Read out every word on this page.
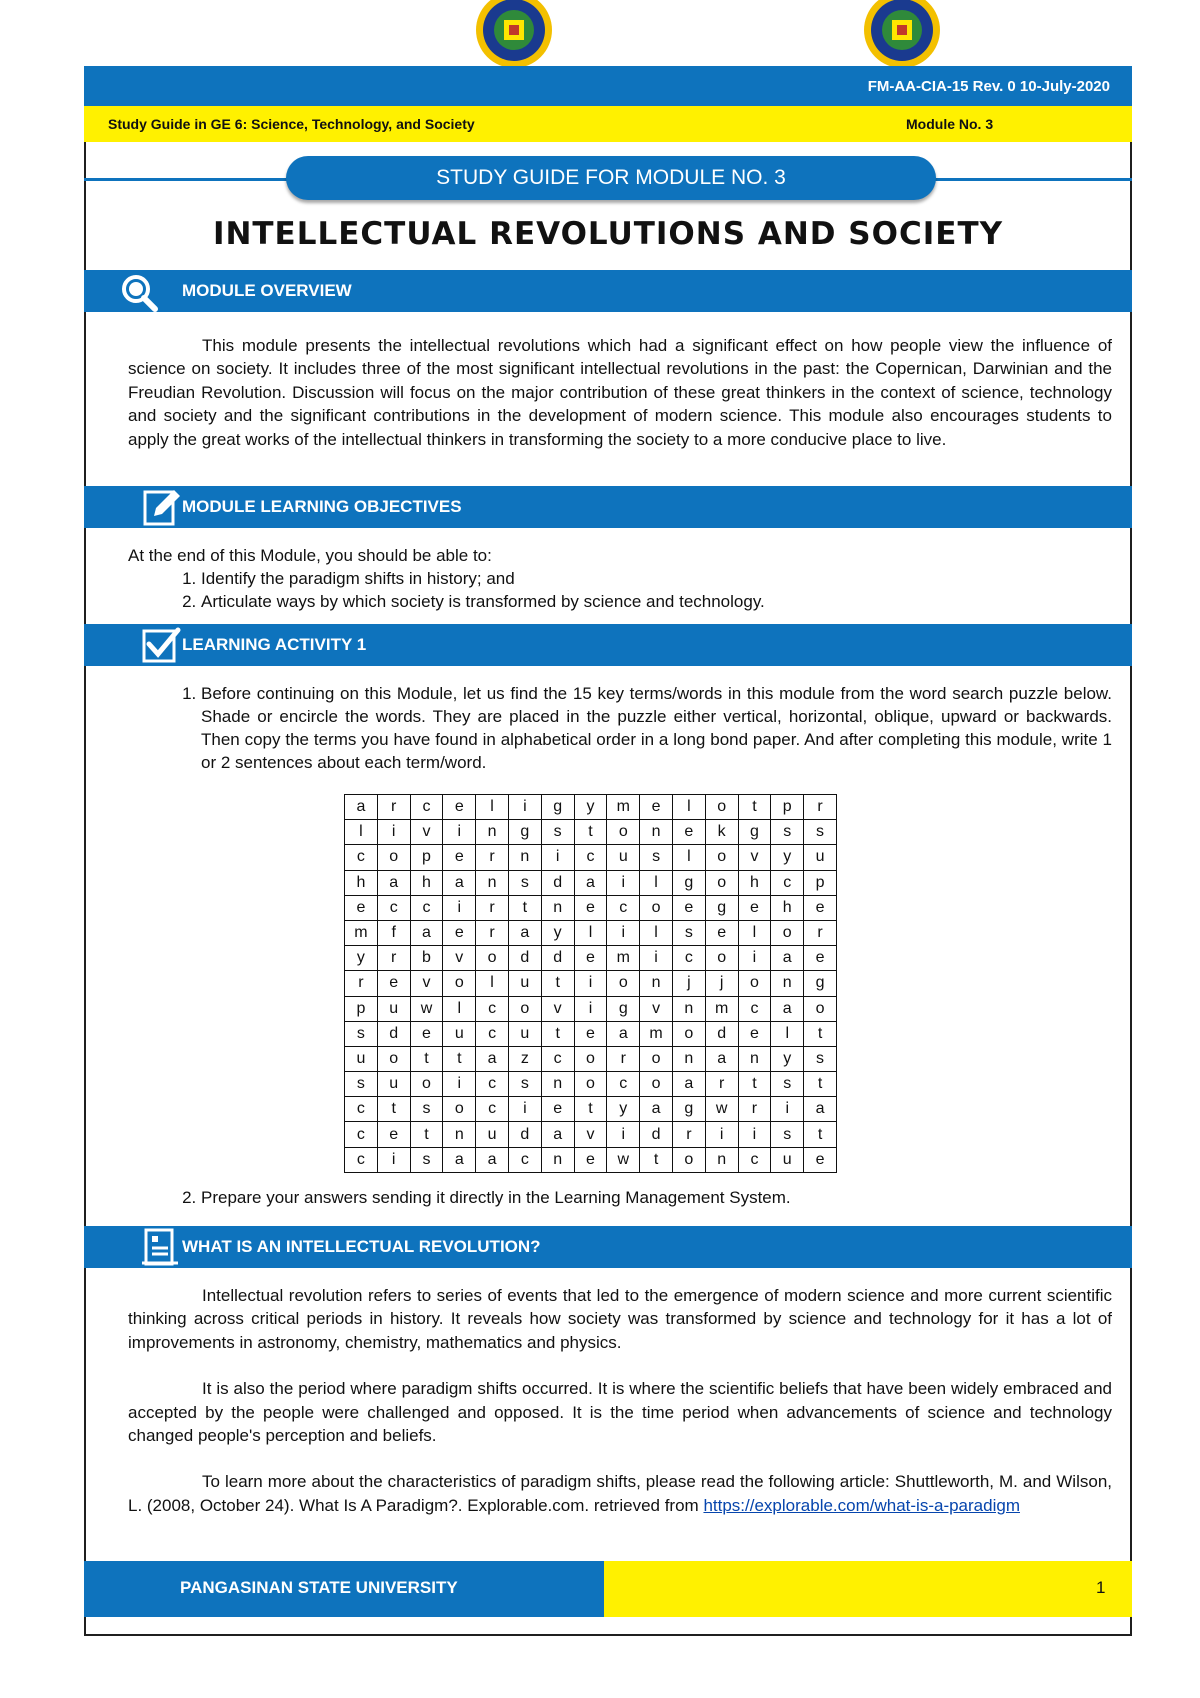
FM-AA-CIA-15 Rev. 0 10-July-2020
Study Guide in GE 6: Science, Technology, and Society	Module No. 3
STUDY GUIDE FOR MODULE NO. 3
INTELLECTUAL REVOLUTIONS AND SOCIETY
MODULE OVERVIEW

This module presents the intellectual revolutions which had a significant effect on how people view the influence of science on society. It includes three of the most significant intellectual revolutions in the past: the Copernican, Darwinian and the Freudian Revolution. Discussion will focus on the major contribution of these great thinkers in the context of science, technology and society and the significant contributions in the development of modern science. This module also encourages students to apply the great works of the intellectual thinkers in transforming the society to a more conducive place to live.

MODULE LEARNING OBJECTIVES

At the end of this Module, you should be able to:

1. Identify the paradigm shifts in history; and
2. Articulate ways by which society is transformed by science and technology.
LEARNING ACTIVITY 1
1. Before continuing on this Module, let us find the 15 key terms/words in this module from the word search puzzle below. Shade or encircle the words. They are placed in the puzzle either vertical, horizontal, oblique, upward or backwards. Then copy the terms you have found in alphabetical order in a long bond paper. And after completing this module, write 1 or 2 sentences about each term/word.
a	r	c	e	l	i	g	y	m	e	l	o	t	p	r
l	i	v	i	n	g	s	t	o	n	e	k	g	s	s
c	o	p	e	r	n	i	c	u	s	l	o	v	y	u
h	a	h	a	n	s	d	a	i	l	g	o	h	c	p
e	c	c	i	r	t	n	e	c	o	e	g	e	h	e
m	f	a	e	r	a	y	l	i	l	s	e	l	o	r
y	r	b	v	o	d	d	e	m	i	c	o	i	a	e
r	e	v	o	l	u	t	i	o	n	j	j	o	n	g
p	u	w	l	c	o	v	i	g	v	n	m	c	a	o
s	d	e	u	c	u	t	e	a	m	o	d	e	l	t
u	o	t	t	a	z	c	o	r	o	n	a	n	y	s
s	u	o	i	c	s	n	o	c	o	a	r	t	s	t
c	t	s	o	c	i	e	t	y	a	g	w	r	i	a
c	e	t	n	u	d	a	v	i	d	r	i	i	s	t
c	i	s	a	a	c	n	e	w	t	o	n	c	u	e
2. Prepare your answers sending it directly in the Learning Management System.
WHAT IS AN INTELLECTUAL REVOLUTION?

Intellectual revolution refers to series of events that led to the emergence of modern science and more current scientific thinking across critical periods in history. It reveals how society was transformed by science and technology for it has a lot of improvements in astronomy, chemistry, mathematics and physics.

It is also the period where paradigm shifts occurred. It is where the scientific beliefs that have been widely embraced and accepted by the people were challenged and opposed. It is the time period when advancements of science and technology changed people's perception and beliefs.

To learn more about the characteristics of paradigm shifts, please read the following article: Shuttleworth, M. and Wilson, L. (2008, October 24). What Is A Paradigm?. Explorable.com. retrieved from https://explorable.com/what-is-a-paradigm

PANGASINAN STATE UNIVERSITY	1
